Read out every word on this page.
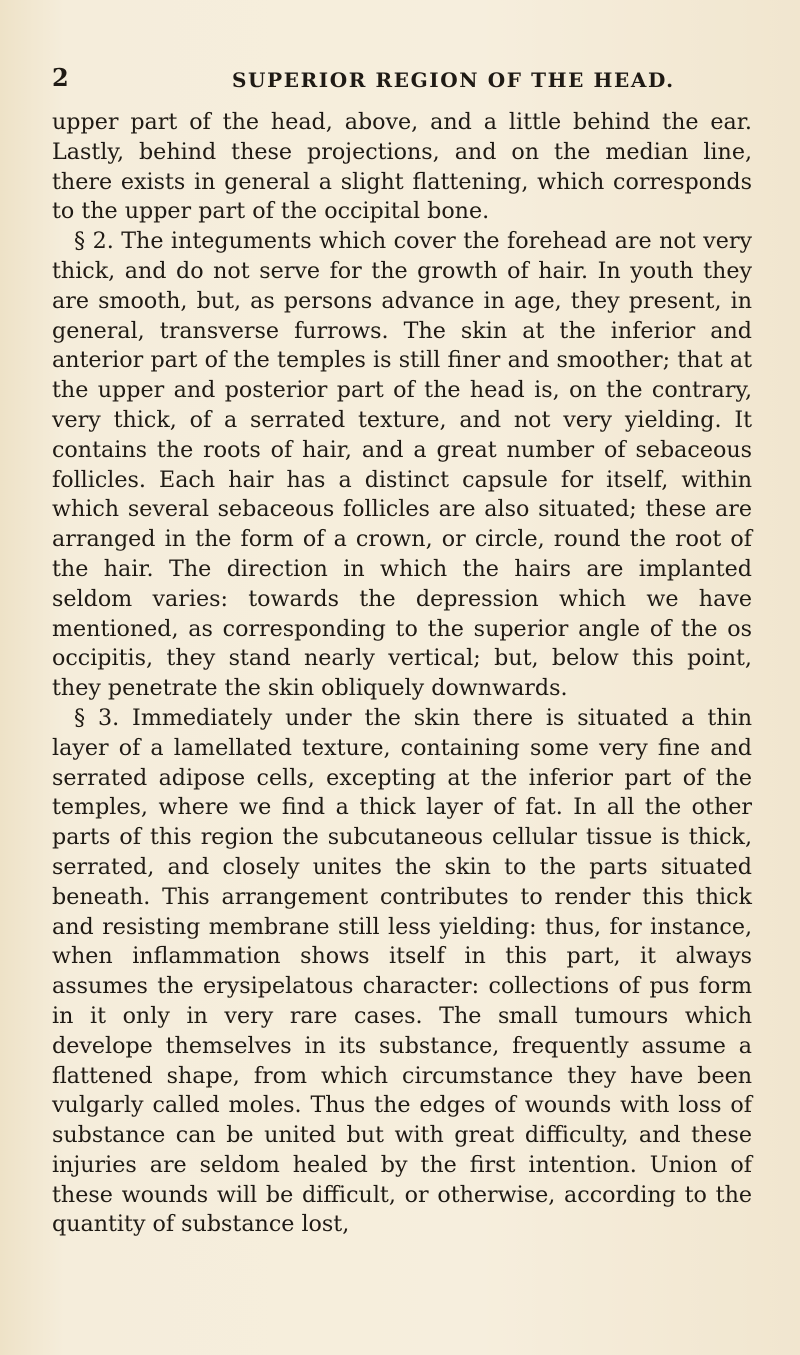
2	SUPERIOR REGION OF THE HEAD.

upper part of the head, above, and a little behind the ear. Lastly, behind these projections, and on the median line, there exists in general a slight flattening, which corresponds to the upper part of the occipital bone.

§ 2. The integuments which cover the forehead are not very thick, and do not serve for the growth of hair. In youth they are smooth, but, as persons advance in age, they present, in general, transverse furrows. The skin at the inferior and anterior part of the temples is still finer and smoother; that at the upper and posterior part of the head is, on the contrary, very thick, of a serrated texture, and not very yielding. It contains the roots of hair, and a great number of sebaceous follicles. Each hair has a distinct capsule for itself, within which several sebaceous follicles are also situated; these are arranged in the form of a crown, or circle, round the root of the hair. The direction in which the hairs are implanted seldom varies: towards the depression which we have mentioned, as corresponding to the superior angle of the os occipitis, they stand nearly vertical; but, below this point, they penetrate the skin obliquely downwards.

§ 3. Immediately under the skin there is situated a thin layer of a lamellated texture, containing some very fine and serrated adipose cells, excepting at the inferior part of the temples, where we find a thick layer of fat. In all the other parts of this region the subcutaneous cellular tissue is thick, serrated, and closely unites the skin to the parts situated beneath. This arrangement contributes to render this thick and resisting membrane still less yielding: thus, for instance, when inflammation shows itself in this part, it always assumes the erysipelatous character: collections of pus form in it only in very rare cases. The small tumours which develope themselves in its substance, frequently assume a flattened shape, from which circumstance they have been vulgarly called moles. Thus the edges of wounds with loss of substance can be united but with great difficulty, and these injuries are seldom healed by the first intention. Union of these wounds will be difficult, or otherwise, according to the quantity of substance lost,
